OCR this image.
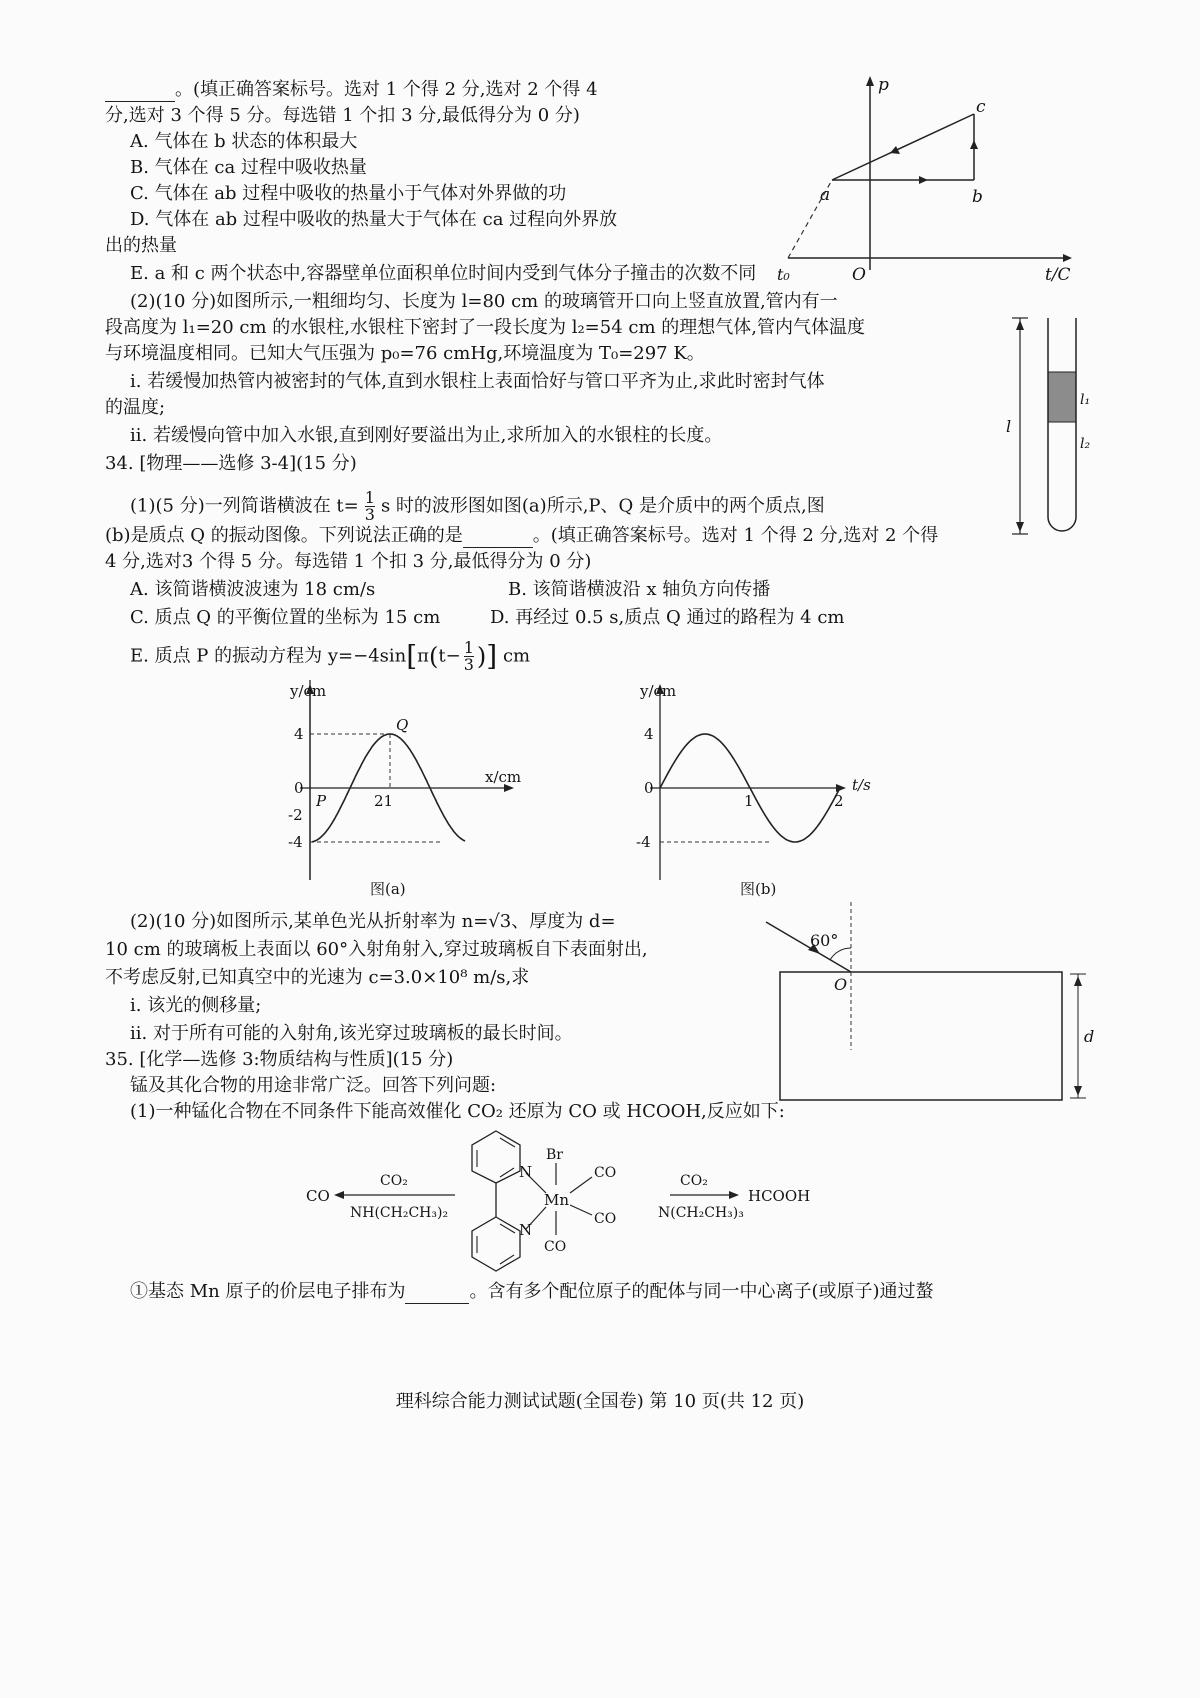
。(填正确答案标号。选对 1 个得 2 分,选对 2 个得 4
分,选对 3 个得 5 分。每选错 1 个扣 3 分,最低得分为 0 分)
A. 气体在 b 状态的体积最大
B. 气体在 ca 过程中吸收热量
C. 气体在 ab 过程中吸收的热量小于气体对外界做的功
D. 气体在 ab 过程中吸收的热量大于气体在 ca 过程向外界放
出的热量
E. a 和 c 两个状态中,容器壁单位面积单位时间内受到气体分子撞击的次数不同
(2)(10 分)如图所示,一粗细均匀、长度为 l=80 cm 的玻璃管开口向上竖直放置,管内有一
段高度为 l₁=20 cm 的水银柱,水银柱下密封了一段长度为 l₂=54 cm 的理想气体,管内气体温度
与环境温度相同。已知大气压强为 p₀=76 cmHg,环境温度为 T₀=297 K。
ⅰ. 若缓慢加热管内被密封的气体,直到水银柱上表面恰好与管口平齐为止,求此时密封气体
的温度;
ⅱ. 若缓慢向管中加入水银,直到刚好要溢出为止,求所加入的水银柱的长度。
p
t/C
t₀	O
a	b
c
l
l₁
l₂
34. [物理——选修 3-4](15 分)
(1)(5 分)一列简谐横波在 $t= \frac{1}{3}$ s 时的波形图如图(a)所示,P、Q 是介质中的两个质点,图
(b)是质点 Q 的振动图像。下列说法正确的是	。(填正确答案标号。选对 1 个得 2 分,选对 2 个得
4 分,选对3 个得 5 分。每选错 1 个扣 3 分,最低得分为 0 分)
A. 该简谐横波波速为 18 cm/s	B. 该简谐横波沿 x 轴负方向传播
C. 质点 Q 的平衡位置的坐标为 15 cm	D. 再经过 0.5 s,质点 Q 通过的路程为 4 cm
E. 质点 P 的振动方程为 $y=-4\sin[\pi(t- \frac{1}{3}$ )] cm
y/cm
x/cm
4
0
-2
-4
P
Q
21
图(a)
y/cm
t/s
4
0
-4
1	2
图(b)
(2)(10 分)如图所示,某单色光从折射率为 n=√3、厚度为 d=
10 cm 的玻璃板上表面以 60°入射角射入,穿过玻璃板自下表面射出,
不考虑反射,已知真空中的光速为 c=3.0×10⁸ m/s,求
ⅰ. 该光的侧移量;
ⅱ. 对于所有可能的入射角,该光穿过玻璃板的最长时间。
60°
O
d
35. [化学—选修 3:物质结构与性质](15 分)
锰及其化合物的用途非常广泛。回答下列问题:
(1)一种锰化合物在不同条件下能高效催化 CO₂ 还原为 CO 或 HCOOH,反应如下:
CO
CO₂
NH(CH₂CH₃)₂
CO₂
N(CH₂CH₃)₃
HCOOH
N
N
Br
Mn
CO
CO
CO
①基态 Mn 原子的价层电子排布为	。含有多个配位原子的配体与同一中心离子(或原子)通过螯
理科综合能力测试试题(全国卷) 第 10 页(共 12 页)
